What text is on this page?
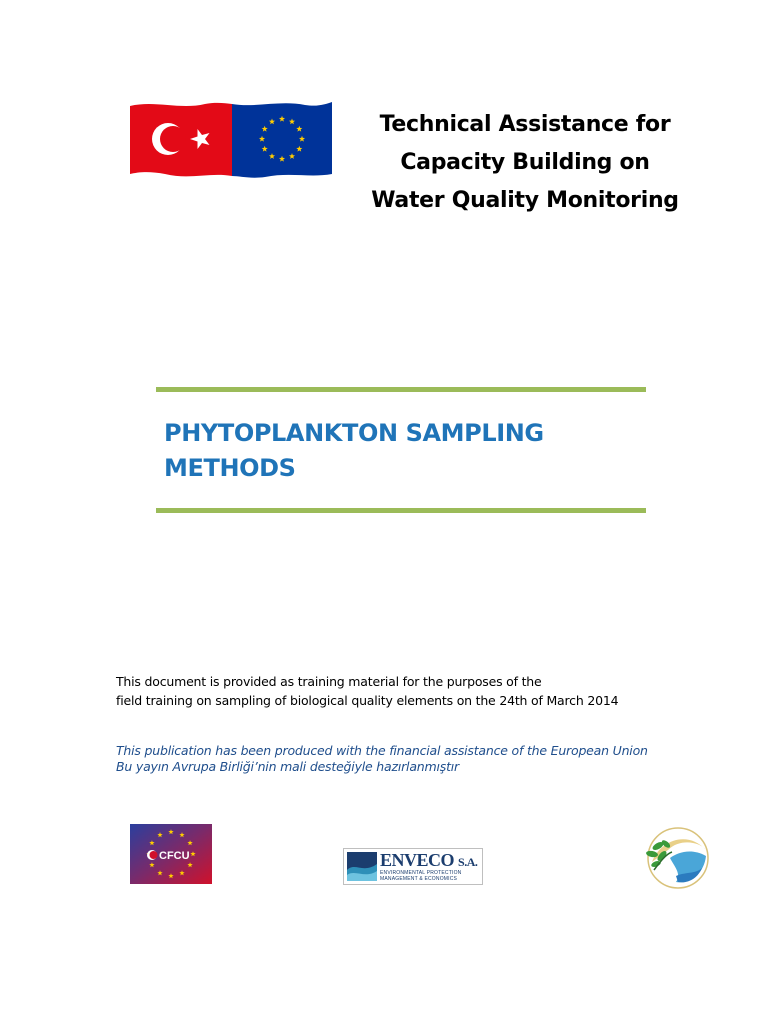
Technical Assistance for
Capacity Building on
Water Quality Monitoring
PHYTOPLANKTON SAMPLING
METHODS
This document is provided as training material for the purposes of the
field training on sampling of biological quality elements on the 24th of March 2014
This publication has been produced with the financial assistance of the European Union
Bu yayın Avrupa Birliği’nin mali desteğiyle hazırlanmıştır
CFCU	ENVECO S.A.
ENVIRONMENTAL PROTECTION
MANAGEMENT & ECONOMICS
